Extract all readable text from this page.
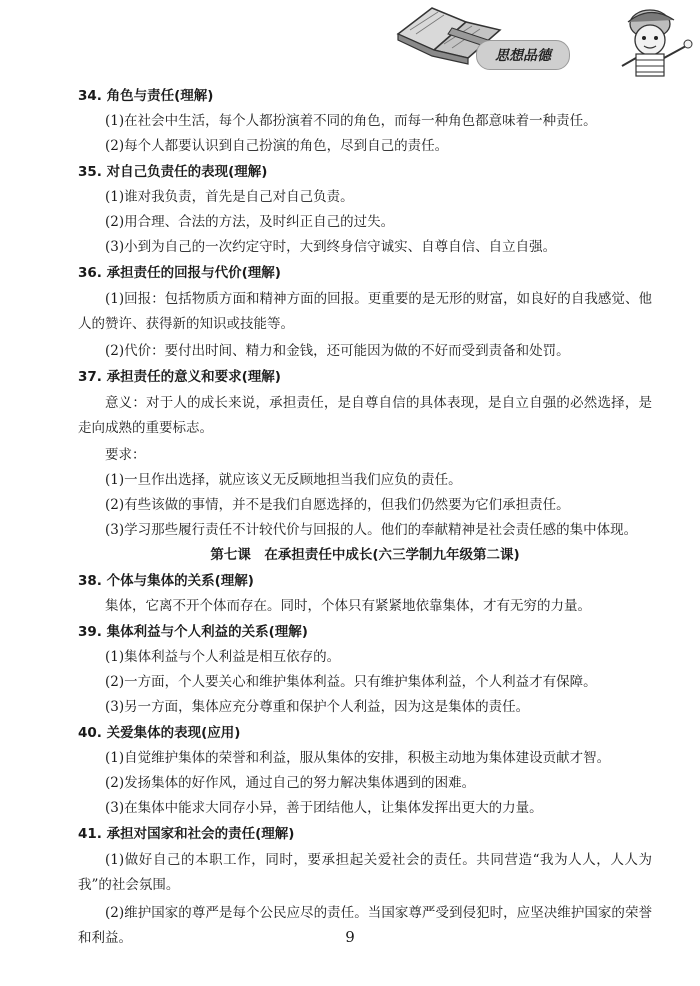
思想品德
34. 角色与责任(理解)
(1)在社会中生活，每个人都扮演着不同的角色，而每一种角色都意味着一种责任。
(2)每个人都要认识到自己扮演的角色，尽到自己的责任。
35. 对自己负责任的表现(理解)
(1)谁对我负责，首先是自己对自己负责。
(2)用合理、合法的方法，及时纠正自己的过失。
(3)小到为自己的一次约定守时，大到终身信守诚实、自尊自信、自立自强。
36. 承担责任的回报与代价(理解)
(1)回报：包括物质方面和精神方面的回报。更重要的是无形的财富，如良好的自我感觉、他人的赞许、获得新的知识或技能等。
(2)代价：要付出时间、精力和金钱，还可能因为做的不好而受到责备和处罚。
37. 承担责任的意义和要求(理解)
意义：对于人的成长来说，承担责任，是自尊自信的具体表现，是自立自强的必然选择，是走向成熟的重要标志。
要求：
(1)一旦作出选择，就应该义无反顾地担当我们应负的责任。
(2)有些该做的事情，并不是我们自愿选择的，但我们仍然要为它们承担责任。
(3)学习那些履行责任不计较代价与回报的人。他们的奉献精神是社会责任感的集中体现。
第七课　在承担责任中成长(六三学制九年级第二课)
38. 个体与集体的关系(理解)
集体，它离不开个体而存在。同时，个体只有紧紧地依靠集体，才有无穷的力量。
39. 集体利益与个人利益的关系(理解)
(1)集体利益与个人利益是相互依存的。
(2)一方面，个人要关心和维护集体利益。只有维护集体利益，个人利益才有保障。
(3)另一方面，集体应充分尊重和保护个人利益，因为这是集体的责任。
40. 关爱集体的表现(应用)
(1)自觉维护集体的荣誉和利益，服从集体的安排，积极主动地为集体建设贡献才智。
(2)发扬集体的好作风，通过自己的努力解决集体遇到的困难。
(3)在集体中能求大同存小异，善于团结他人，让集体发挥出更大的力量。
41. 承担对国家和社会的责任(理解)
(1)做好自己的本职工作，同时，要承担起关爱社会的责任。共同营造“我为人人，人人为我”的社会氛围。
(2)维护国家的尊严是每个公民应尽的责任。当国家尊严受到侵犯时，应坚决维护国家的荣誉和利益。	9
